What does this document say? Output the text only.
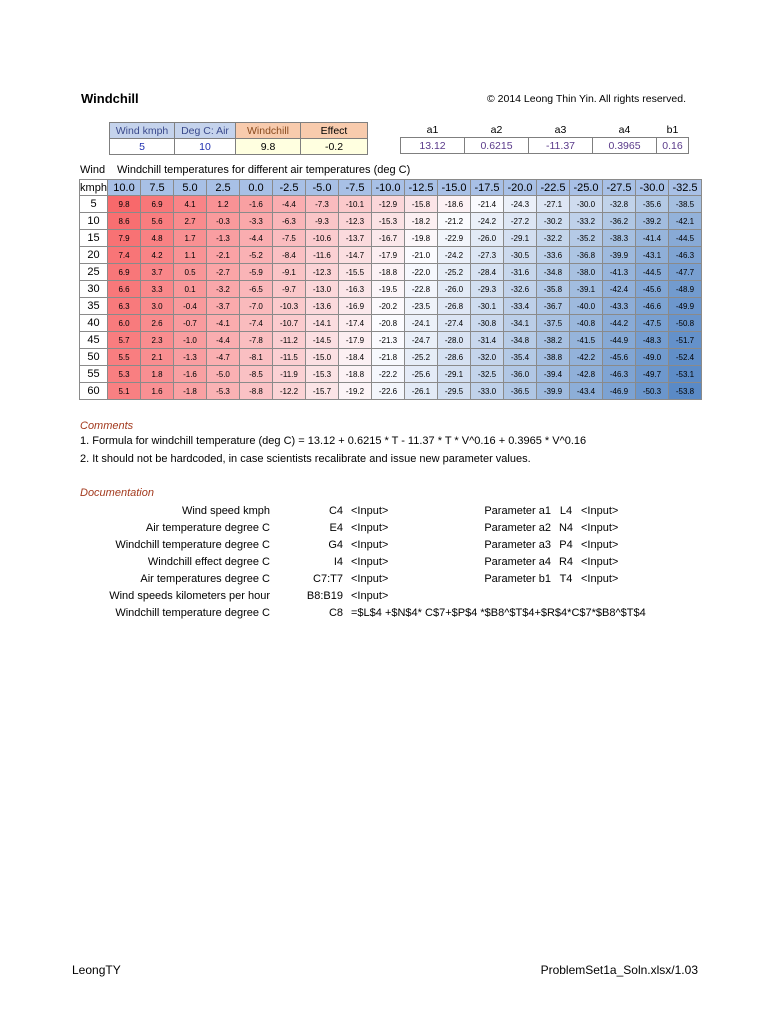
Windchill	© 2014 Leong Thin Yin. All rights reserved.
Wind kmph	Deg C: Air	Windchill	Effect
5	10	9.8	-0.2
a1	a2	a3	a4	b1
13.12	0.6215	-11.37	0.3965	0.16
Wind Windchill temperatures for different air temperatures (deg C)
kmph	10.0	7.5	5.0	2.5	0.0	-2.5	-5.0	-7.5	-10.0	-12.5	-15.0	-17.5	-20.0	-22.5	-25.0	-27.5	-30.0	-32.5
5	9.8	6.9	4.1	1.2	-1.6	-4.4	-7.3	-10.1	-12.9	-15.8	-18.6	-21.4	-24.3	-27.1	-30.0	-32.8	-35.6	-38.5
10	8.6	5.6	2.7	-0.3	-3.3	-6.3	-9.3	-12.3	-15.3	-18.2	-21.2	-24.2	-27.2	-30.2	-33.2	-36.2	-39.2	-42.1
15	7.9	4.8	1.7	-1.3	-4.4	-7.5	-10.6	-13.7	-16.7	-19.8	-22.9	-26.0	-29.1	-32.2	-35.2	-38.3	-41.4	-44.5
20	7.4	4.2	1.1	-2.1	-5.2	-8.4	-11.6	-14.7	-17.9	-21.0	-24.2	-27.3	-30.5	-33.6	-36.8	-39.9	-43.1	-46.3
25	6.9	3.7	0.5	-2.7	-5.9	-9.1	-12.3	-15.5	-18.8	-22.0	-25.2	-28.4	-31.6	-34.8	-38.0	-41.3	-44.5	-47.7
30	6.6	3.3	0.1	-3.2	-6.5	-9.7	-13.0	-16.3	-19.5	-22.8	-26.0	-29.3	-32.6	-35.8	-39.1	-42.4	-45.6	-48.9
35	6.3	3.0	-0.4	-3.7	-7.0	-10.3	-13.6	-16.9	-20.2	-23.5	-26.8	-30.1	-33.4	-36.7	-40.0	-43.3	-46.6	-49.9
40	6.0	2.6	-0.7	-4.1	-7.4	-10.7	-14.1	-17.4	-20.8	-24.1	-27.4	-30.8	-34.1	-37.5	-40.8	-44.2	-47.5	-50.8
45	5.7	2.3	-1.0	-4.4	-7.8	-11.2	-14.5	-17.9	-21.3	-24.7	-28.0	-31.4	-34.8	-38.2	-41.5	-44.9	-48.3	-51.7
50	5.5	2.1	-1.3	-4.7	-8.1	-11.5	-15.0	-18.4	-21.8	-25.2	-28.6	-32.0	-35.4	-38.8	-42.2	-45.6	-49.0	-52.4
55	5.3	1.8	-1.6	-5.0	-8.5	-11.9	-15.3	-18.8	-22.2	-25.6	-29.1	-32.5	-36.0	-39.4	-42.8	-46.3	-49.7	-53.1
60	5.1	1.6	-1.8	-5.3	-8.8	-12.2	-15.7	-19.2	-22.6	-26.1	-29.5	-33.0	-36.5	-39.9	-43.4	-46.9	-50.3	-53.8
Comments
1. Formula for windchill temperature (deg C) = 13.12 + 0.6215 * T - 11.37 * T * V^0.16 + 0.3965 * V^0.16
2. It should not be hardcoded, in case scientists recalibrate and issue new parameter values.
Documentation
Wind speed kmph	C4	<Input>	Parameter a1	L4	<Input>
Air temperature degree C	E4	<Input>	Parameter a2	N4	<Input>
Windchill temperature degree C	G4	<Input>	Parameter a3	P4	<Input>
Windchill effect degree C	I4	<Input>	Parameter a4	R4	<Input>
Air temperatures degree C	C7:T7	<Input>	Parameter b1	T4	<Input>
Wind speeds kilometers per hour	B8:B19	<Input>			
Windchill temperature degree C	C8	=$L$4 +$N$4* C$7+$P$4 *$B8^$T$4+$R$4*C$7*$B8^$T$4			
LeongTY	ProblemSet1a_Soln.xlsx/1.03
